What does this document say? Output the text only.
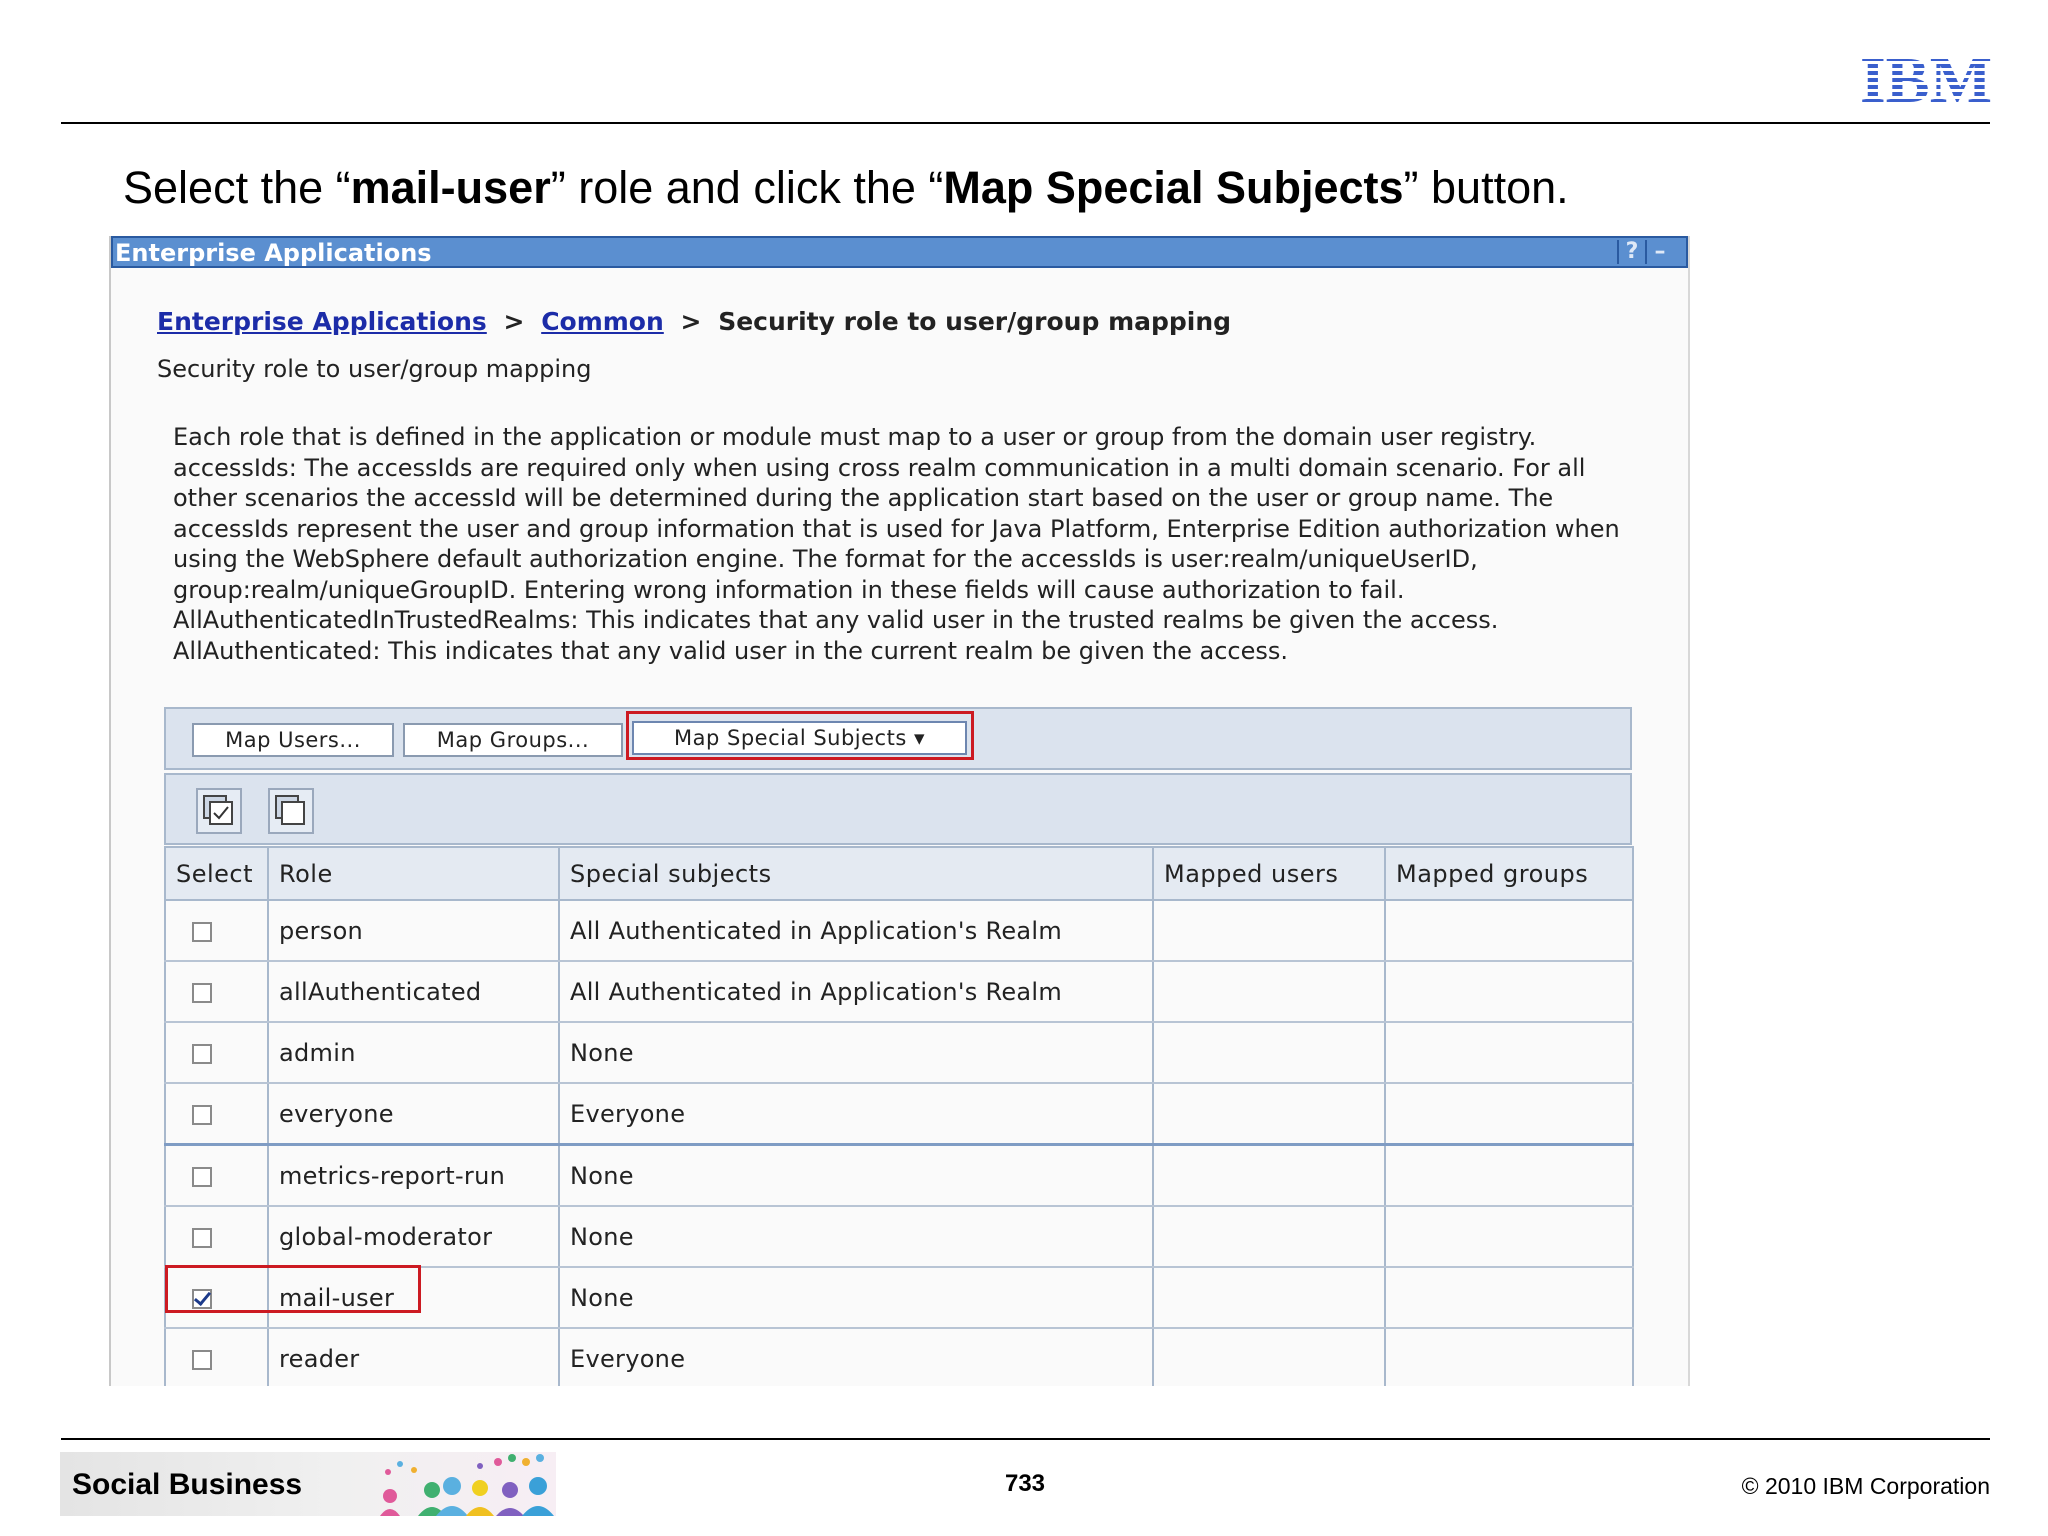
IBM
Select the “mail-user” role and click the “Map Special Subjects” button.
Enterprise Applications	? –
Enterprise Applications > Common > Security role to user/group mapping
Security role to user/group mapping
Each role that is defined in the application or module must map to a user or group from the domain user registry. accessIds: The accessIds are required only when using cross realm communication in a multi domain scenario. For all other scenarios the accessId will be determined during the application start based on the user or group name. The accessIds represent the user and group information that is used for Java Platform, Enterprise Edition authorization when using the WebSphere default authorization engine. The format for the accessIds is user:realm/uniqueUserID, group:realm/uniqueGroupID. Entering wrong information in these fields will cause authorization to fail. AllAuthenticatedInTrustedRealms: This indicates that any valid user in the trusted realms be given the access. AllAuthenticated: This indicates that any valid user in the current realm be given the access.
Map Users...	Map Groups...	Map Special Subjects ▾
Select	Role	Special subjects	Mapped users	Mapped groups
	person	All Authenticated in Application's Realm		
	allAuthenticated	All Authenticated in Application's Realm		
	admin	None		
	everyone	Everyone		
	metrics-report-run	None		
	global-moderator	None		
	mail-user	None		
	reader	Everyone		
Social Business	733	© 2010 IBM Corporation
